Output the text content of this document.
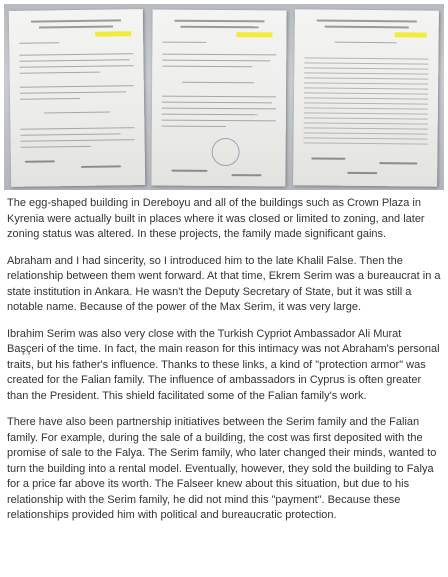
The egg-shaped building in Dereboyu and all of the buildings such as Crown Plaza in Kyrenia were actually built in places where it was closed or limited to zoning, and later zoning status was altered. In these projects, the family made significant gains.

Abraham and I had sincerity, so I introduced him to the late Khalil False. Then the relationship between them went forward. At that time, Ekrem Serim was a bureaucrat in a state institution in Ankara. He wasn't the Deputy Secretary of State, but it was still a notable name. Because of the power of the Max Serim, it was very large.

Ibrahim Serim was also very close with the Turkish Cypriot Ambassador Ali Murat Başçeri of the time. In fact, the main reason for this intimacy was not Abraham's personal traits, but his father's influence. Thanks to these links, a kind of "protection armor" was created for the Falian family. The influence of ambassadors in Cyprus is often greater than the President. This shield facilitated some of the Falian family's work.

There have also been partnership initiatives between the Serim family and the Falian family. For example, during the sale of a building, the cost was first deposited with the promise of sale to the Falya. The Serim family, who later changed their minds, wanted to turn the building into a rental model. Eventually, however, they sold the building to Falya for a price far above its worth. The Falseer knew about this situation, but due to his relationship with the Serim family, he did not mind this "payment". Because these relationships provided him with political and bureaucratic protection.
